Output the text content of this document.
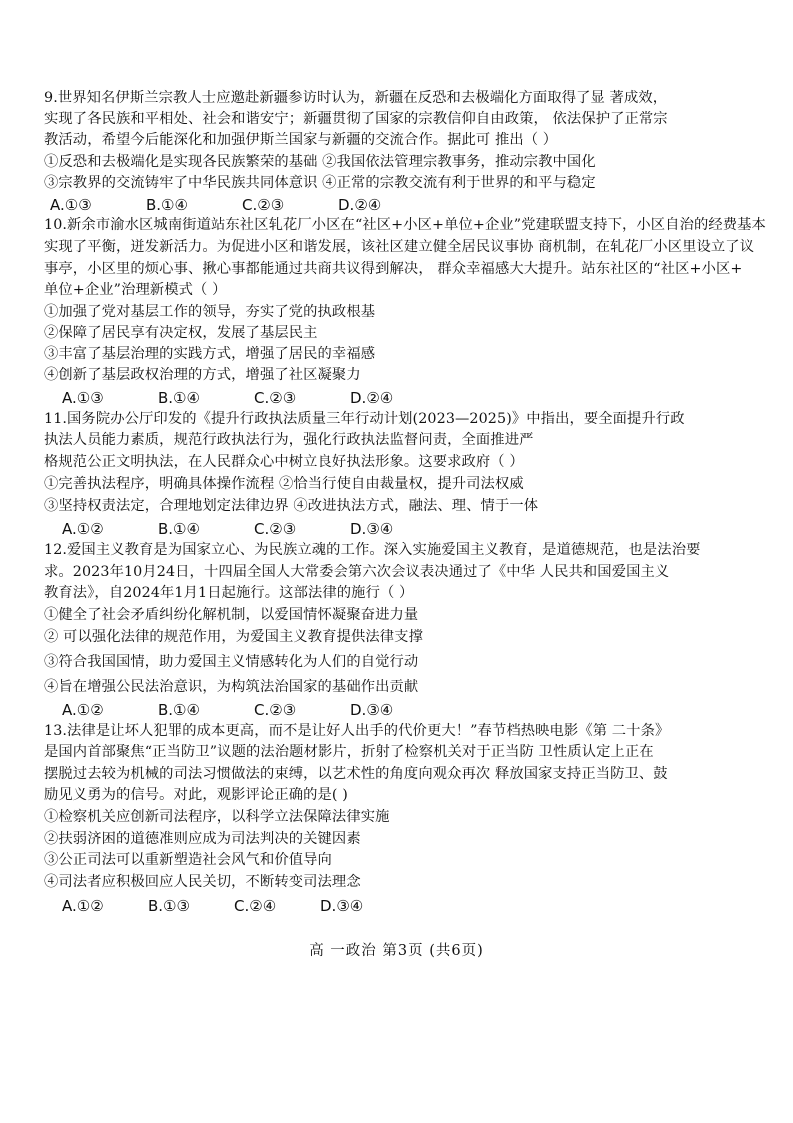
9.世界知名伊斯兰宗教人士应邀赴新疆参访时认为，新疆在反恐和去极端化方面取得了显 著成效，
实现了各民族和平相处、社会和谐安宁；新疆贯彻了国家的宗教信仰自由政策， 依法保护了正常宗
教活动，希望今后能深化和加强伊斯兰国家与新疆的交流合作。据此可 推出（ ）
①反恐和去极端化是实现各民族繁荣的基础 ②我国依法管理宗教事务，推动宗教中国化
③宗教界的交流铸牢了中华民族共同体意识 ④正常的宗教交流有利于世界的和平与稳定
A.①③	B.①④	C.②③	D.②④
10.新余市渝水区城南街道站东社区轧花厂小区在“社区+小区+单位+企业”党建联盟支持下，小区自治的经费基本
实现了平衡，迸发新活力。为促进小区和谐发展，该社区建立健全居民议事协 商机制，在轧花厂小区里设立了议
事亭，小区里的烦心事、揪心事都能通过共商共议得到解决， 群众幸福感大大提升。站东社区的“社区+小区+
单位+企业”治理新模式（ ）
①加强了党对基层工作的领导，夯实了党的执政根基
②保障了居民享有决定权，发展了基层民主
③丰富了基层治理的实践方式，增强了居民的幸福感
④创新了基层政权治理的方式，增强了社区凝聚力
A.①③	B.①④	C.②③	D.②④
11.国务院办公厅印发的《提升行政执法质量三年行动计划(2023—2025)》中指出，要全面提升行政
执法人员能力素质，规范行政执法行为，强化行政执法监督问责，全面推进严
格规范公正文明执法，在人民群众心中树立良好执法形象。这要求政府（ ）
①完善执法程序，明确具体操作流程 ②恰当行使自由裁量权，提升司法权威
③坚持权责法定，合理地划定法律边界 ④改进执法方式，融法、理、情于一体
A.①②	B.①④	C.②③	D.③④
12.爱国主义教育是为国家立心、为民族立魂的工作。深入实施爱国主义教育，是道德规范，也是法治要
求。2023年10月24日，十四届全国人大常委会第六次会议表决通过了《中华 人民共和国爱国主义
教育法》，自2024年1月1日起施行。这部法律的施行（ ）
①健全了社会矛盾纠纷化解机制，以爱国情怀凝聚奋进力量
② 可以强化法律的规范作用，为爱国主义教育提供法律支撑
③符合我国国情，助力爱国主义情感转化为人们的自觉行动
④旨在增强公民法治意识，为构筑法治国家的基础作出贡献
A.①②	B.①④	C.②③	D.③④
13.法律是让坏人犯罪的成本更高，而不是让好人出手的代价更大！”春节档热映电影《第 二十条》
是国内首部聚焦“正当防卫”议题的法治题材影片，折射了检察机关对于正当防 卫性质认定上正在
摆脱过去较为机械的司法习惯做法的束缚，以艺术性的角度向观众再次 释放国家支持正当防卫、鼓
励见义勇为的信号。对此，观影评论正确的是( )
①检察机关应创新司法程序，以科学立法保障法律实施
②扶弱济困的道德准则应成为司法判决的关键因素
③公正司法可以重新塑造社会风气和价值导向
④司法者应积极回应人民关切，不断转变司法理念
A.①②	B.①③	C.②④	D.③④
高 一政治 第3页 (共6页)
